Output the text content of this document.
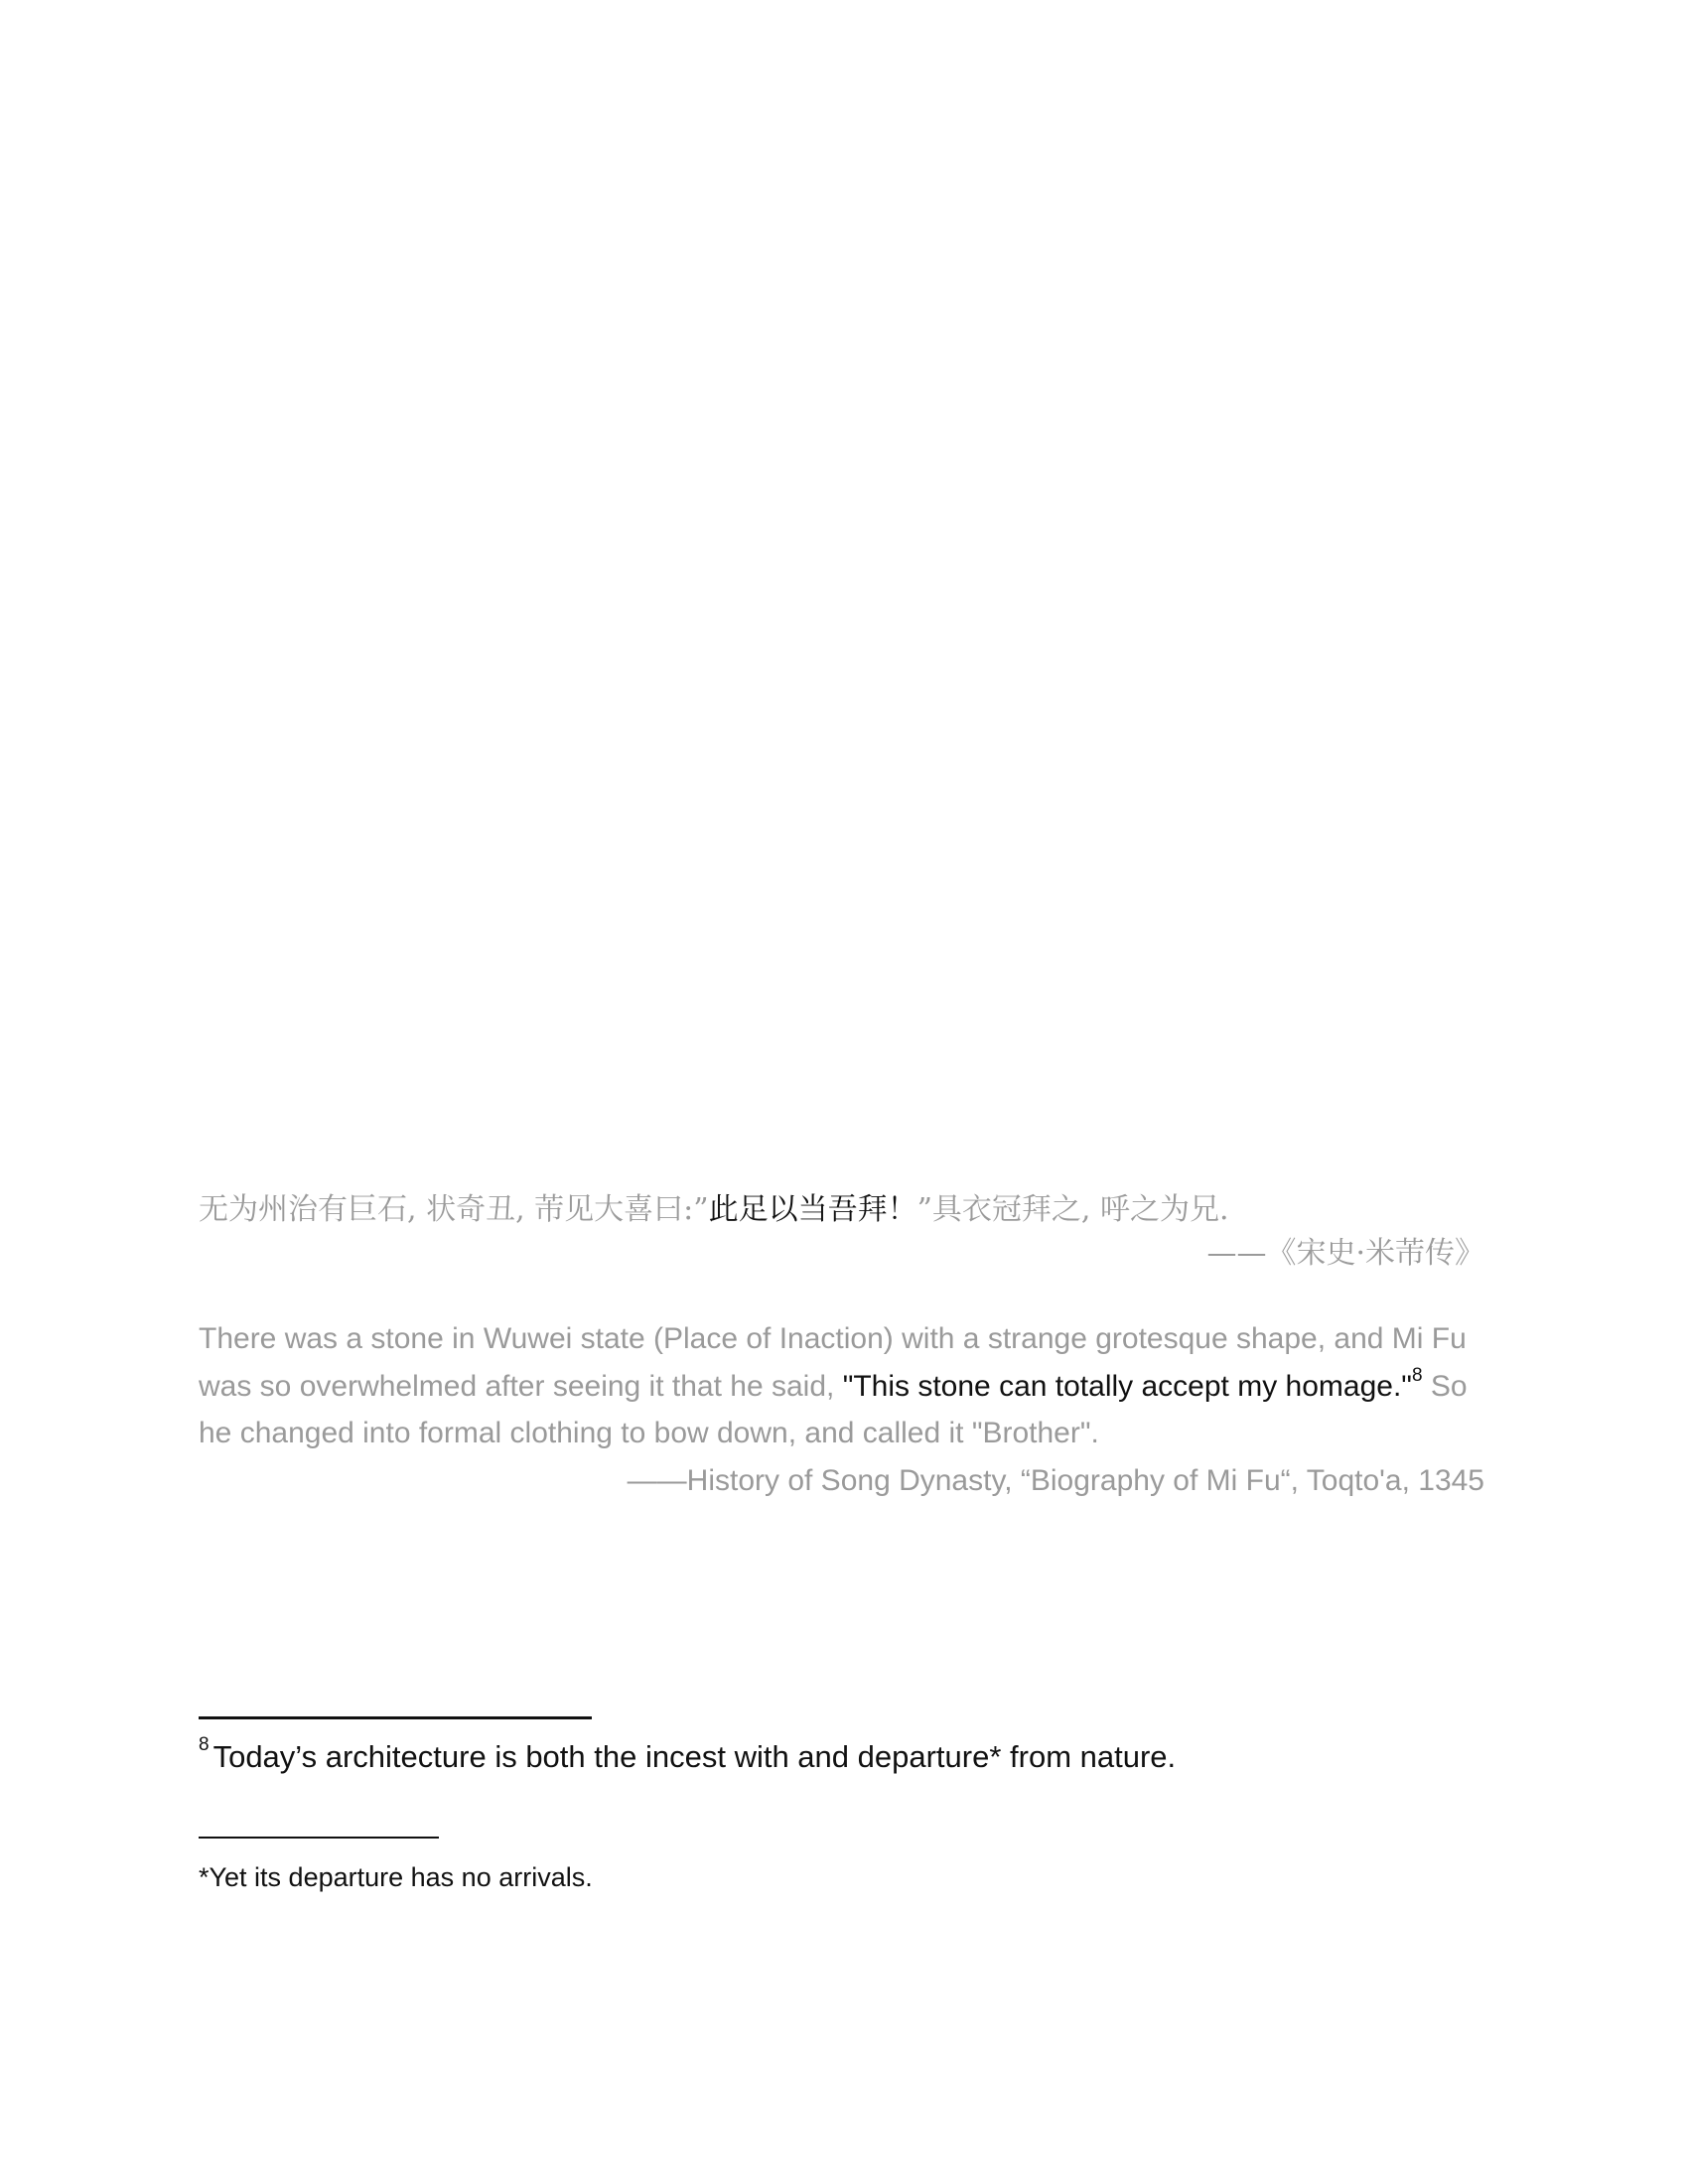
无为州治有巨石, 状奇丑, 芾见大喜曰:”此足以当吾拜！”具衣冠拜之, 呼之为兄.
——《宋史·米芾传》
There was a stone in Wuwei state (Place of Inaction) with a strange grotesque shape, and Mi Fu was so overwhelmed after seeing it that he said, "This stone can totally accept my homage."$^8$ So he changed into formal clothing to bow down, and called it "Brother".
——History of Song Dynasty, “Biography of Mi Fu“, Toqto'a, 1345
$^8$ Today’s architecture is both the incest with and departure* from nature.
*Yet its departure has no arrivals.
